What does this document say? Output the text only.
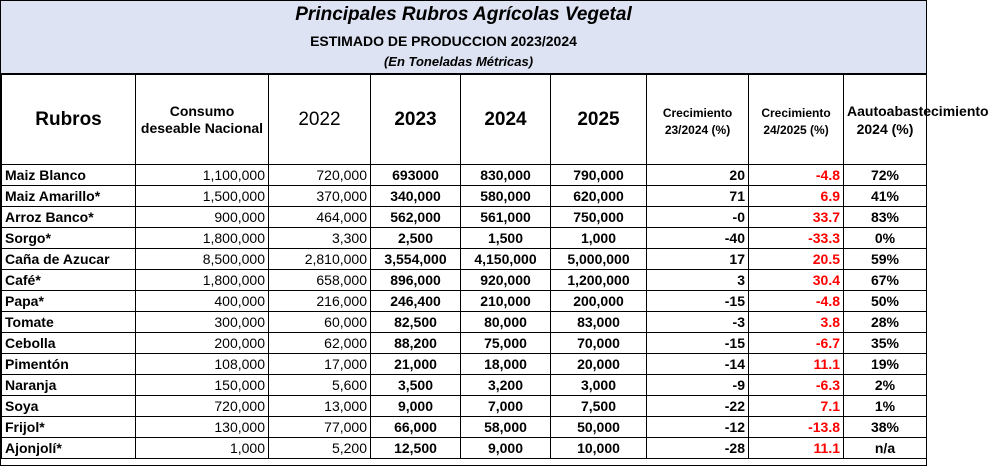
Principales Rubros Agrícolas Vegetal
ESTIMADO DE PRODUCCION 2023/2024
(En Toneladas Métricas)
Rubros	Consumo deseable Nacional	2022	2023	2024	2025	Crecimiento 23/2024 (%)	Crecimiento 24/2025 (%)	Aautoabastecimiento 2024 (%)
Maiz Blanco	1,100,000	720,000	693000	830,000	790,000	20	-4.8	72%
Maiz Amarillo*	1,500,000	370,000	340,000	580,000	620,000	71	6.9	41%
Arroz Banco*	900,000	464,000	562,000	561,000	750,000	-0	33.7	83%
Sorgo*	1,800,000	3,300	2,500	1,500	1,000	-40	-33.3	0%
Caña de Azucar	8,500,000	2,810,000	3,554,000	4,150,000	5,000,000	17	20.5	59%
Café*	1,800,000	658,000	896,000	920,000	1,200,000	3	30.4	67%
Papa*	400,000	216,000	246,400	210,000	200,000	-15	-4.8	50%
Tomate	300,000	60,000	82,500	80,000	83,000	-3	3.8	28%
Cebolla	200,000	62,000	88,200	75,000	70,000	-15	-6.7	35%
Pimentón	108,000	17,000	21,000	18,000	20,000	-14	11.1	19%
Naranja	150,000	5,600	3,500	3,200	3,000	-9	-6.3	2%
Soya	720,000	13,000	9,000	7,000	7,500	-22	7.1	1%
Frijol*	130,000	77,000	66,000	58,000	50,000	-12	-13.8	38%
Ajonjolí*	1,000	5,200	12,500	9,000	10,000	-28	11.1	n/a
